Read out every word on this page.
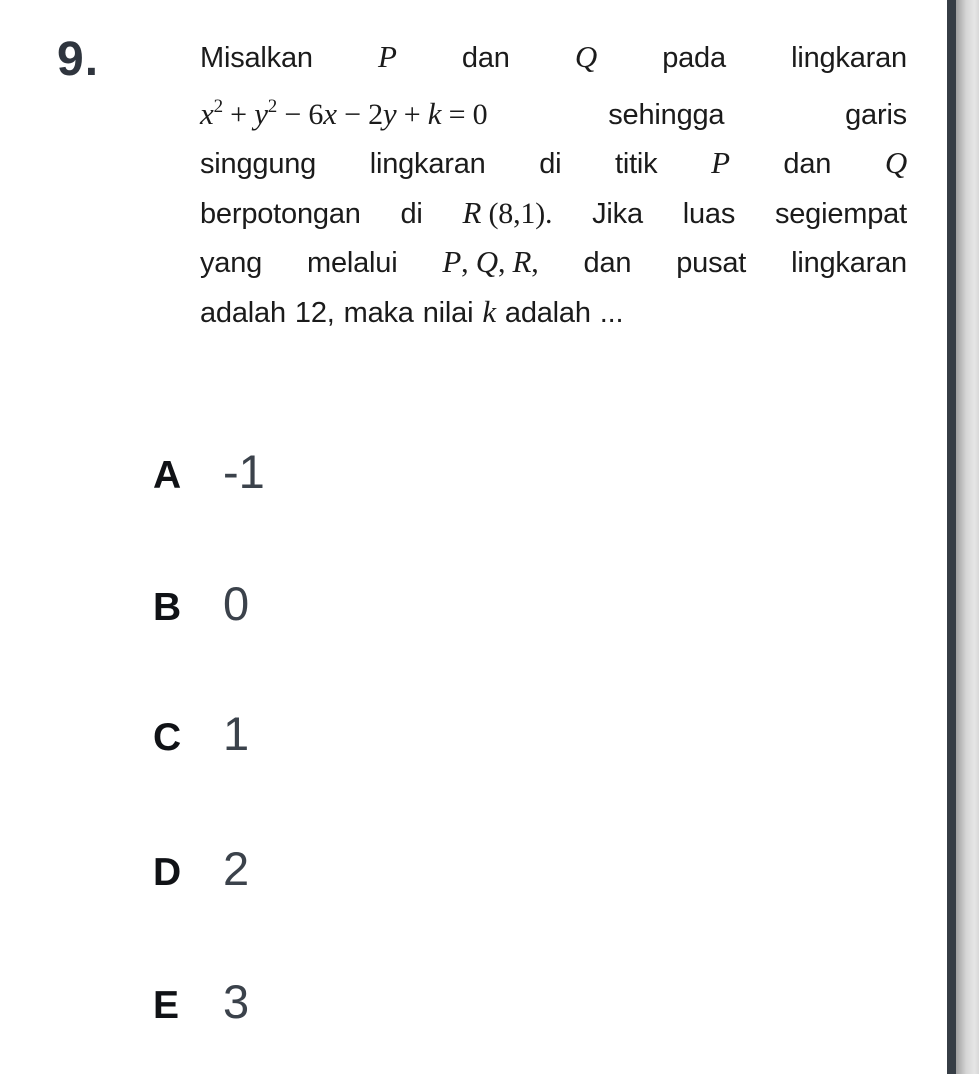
9.	Misalkan P dan Q pada lingkaran
$x^2 + y^2 - 6x - 2y + k = 0$	sehingga	garis
singgung lingkaran di titik P dan Q
berpotongan di R (8,1). Jika luas segiempat
yang melalui P, Q, R, dan pusat lingkaran
adalah 12, maka nilai k adalah ...
A -1
B 0
C 1
D 2
E 3
